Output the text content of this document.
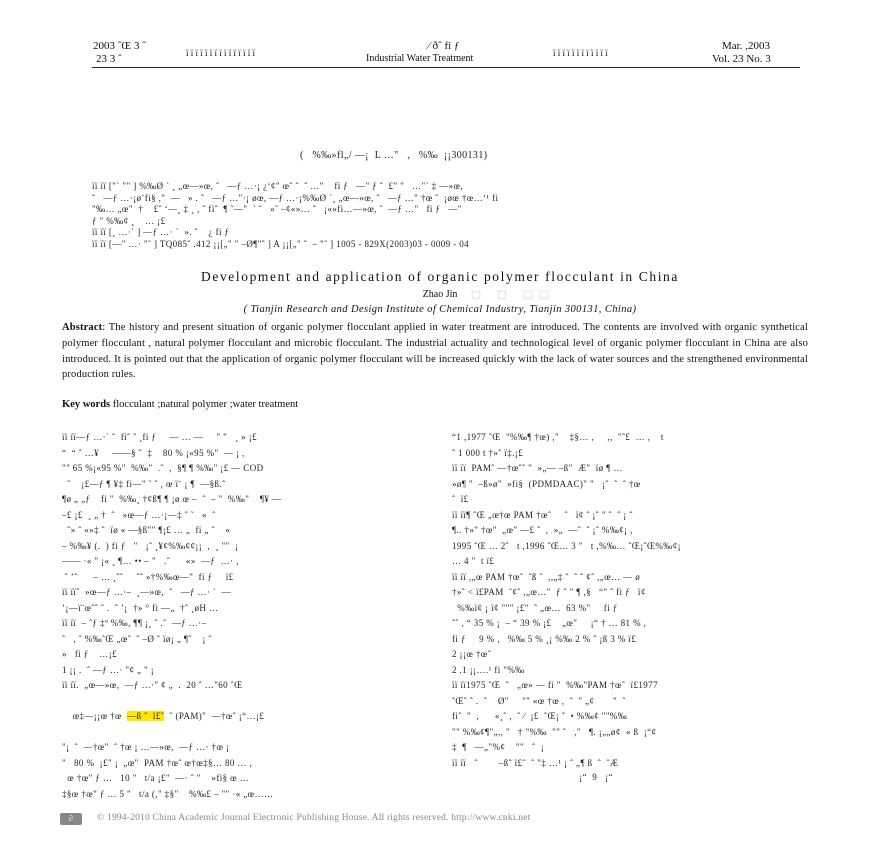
2003 ˆŒ 3 ˆ
23 3 ˆ	ï ï ï ï ï ï ï ï ï ï ï ï ï ï ï
⁄ ðˆ fi ƒ
Industrial Water Treatment	ï ï ï ï ï ï ï ï ï ï ï ï
Mar. ,2003
Vol. 23 No. 3
(   %‰»fl„/ —¡  L …"   ,   %‰  ¡¡300131)
ïï ïï ["` "" ] %‰Ø ` ¸ „œ—»œ, ˆ   —ƒ …·¡ ¿‘¢" œˆ ˆ  ˆ …"    fi ƒ   —" ƒ ˆ  £" "   …"` ‡ —»œ,
ˆ   —ƒ …·¡ø¨fi§ ,"  —   » . ˆ   —ƒ …"·¡ øœ, —ƒ …·¡%‰Ø `¸ „œ—»œ, ˆ   —ƒ …" †œ ˆ  ¡øœ †œ…‘¹ fi
"‰… „œ"  †    £ˆ ‘—¸ ‡ ¸ , ˆ fiˆ  ¶ ˜—"  ` ˆ   »˜ –¢«»… ˆ   ¡«»fi…—»œ, ˆ  —ƒ …"   fi ƒ   —"
ƒ " %‰¢ ¸    … ¡£
ïï ïï [¸ …·` ] —ƒ …· `  ». ˆ    ¿ fi ƒ
ïï ïï [—" …· "˜ ] TQ085ˆ .412 ¡¡[„" " –Ø¶"ˆ ] A ¡¡[„" ˆ  – "˜ ] 1005 - 829X(2003)03 - 0009 - 04
Development and application of organic polymer flocculant in China
Zhao Jin
( Tianjin Research and Design Institute of Chemical Industry, Tianjin 300131, China)
¤ ¤ ¤¤
Abstract: The history and present situation of organic polymer flocculant applied in water treatment are introduced. The contents are involved with organic synthetical polymer flocculant , natural polymer flocculant and microbic flocculant. The industrial actuality and technological level of organic polymer flocculant in China are also introduced. It is pointed out that the application of organic polymer flocculant will be increased quickly with the lack of water sources and the strengthened environmental production rules.
Key words flocculant ;natural polymer ;water treatment
ïï ïï—ƒ …·` ˆ  fiˆ ˆ ¸fi ƒ     — … —     " "   ¸ » ¡£
“  “ ˆ …¥     ——§ ˆ  ‡    80 % ¡«95 %"  — ¡ ,
"" 65 %¡«95 %"  %‰"  .ˆ  ,  §¶ ¶ %‰" ¡£ — COD
ˆ    ¡£—ƒ ¶ ¥‡ fi—" ˜ ˆ , œ ï¨ ¡ ¶  —§ß.ˆ
¶ø „ „ƒ    fi "  %‰¸ †¢ß¶ ¶ ¡ø œ –  ˆ  – "  %‰"    ¶¥ —
–£ ¡£  ¸ „ †  ˆ   »œ—ƒ …·¡—‡ ˆ ˜   «  ˆ
ˆ» ˆ «»‡ ˆ  ïø « —§ß"" ¶¡£ … „  fi „ ˆ    «
– %‰¥ (.  ) fi ƒ   "   ¡ˆ ¸¥¢%‰¢¢¡¡  ,  ¸ ""  ¡
—— ·« " ¡« ¸ ¶… •• – "   .ˆ      «»  —ƒ  …· ,
ˆ ’ˆ      – … ¸ˆˆ     ˆˆ »†%‰œ—"  fi ƒ     ï£
ïï ïïˆ  »œ—ƒ …·–  ¸—»œ,  ˆ   —ƒ …· `  —
’¡—ï¨œˆˆ ˆ .  ˆ ’¡  †» ° fi —„  †ˆ ¸øH …
ïï ïï  – ˆƒ ‡º %‰, ¶¶ ¡¸ ˆ .ˆ  —ƒ …·–
ˆ   , ˆ %‰ˆŒ „œˆ  ˆ –Ø ˆ ïø¡ „ ¶ˆ    ¡ ˆ
»   fi ƒ    …¡£
1 ¡¡ .  ˆ —ƒ …· "¢ „ " ¡
ïï ïï.  „œ—»œ,  —ƒ …·" ¢ „  .  20 ˆ …"60 ˆŒ

œ‡—¡¡œ †œ  —ß ˆ  ï£ˆ  ˆ (PAM)"  —†œˆ ¡“…¡£

"¡  ˆ  —†œ"  ˆ †œ ¡ …—»œ,  —ƒ …· †œ ¡
"   80 %  ¡£" ¡  „œ"  PAM †œˆ œ†œ‡§… 80 … ,
œ †œ" ƒ …   10 "   t/a ¡£"  —· ˆ "    »fi§ œ …
‡§œ †œ" ƒ … 5 "   t/a (," ‡§"    %‰£ – "" ·« „œ……
“1 ,1977 ˆŒ  "%‰¶ †œ) ,"    ‡§… ,     ,,  "ˆ£  … ,    t
ˆ 1 000 t †»ˆ ï‡.¡£
ïï ïï  PAMˆ —†œˆˆ "  »„— –ß"  Æ"  ïø ¶ …
»ø¶ "  –ß»ø"  »fi§  (PDMDAAC)" "   ¡ˆ  ˆ  ˆ †œ
ˆ  ï£
ïï ïï¶ ˆŒ „œ†œ PAM †œˆ     ˆ   ï¢ ˆ ¡ˆ " ˆ  ˆ ¡ ˆ
¶.. †»" †œ"  „œ" —£ ˆ  ,  »„  —ˆ  ˆ ¡ˆ %‰¢¡ ,
1995 ˆŒ … 2ˆ   t ,1996 ˆŒ… 3 "   t ,%‰… ˆŒ¡ˆŒ%‰¢¡
… 4 "  t ï£
ïï ïï ,„œ PAM †œˆ  ˆß ˆ  ,,„‡ ˆ  ˆ ˆ ¢ˆ ,„œ… — ø
†»ˆ < ï£PAM  ˆ¢ˆ ,„œ…"  ƒ ˆ " ¶ ,§   “" ˆ fi ƒ   ï¢
%‰ï¢ ¡ ï¢ """ ¡£"  ˆ „œ…  63 %"     fi ƒ
ˆˆ , “ 35 % ¡  – “ 39 % ¡£    „œ"     ¡“ † … 81 % ,
fi ƒ     9 % ,   %‰ 5 % ¸¡ %‰ 2 % ˆ ¡ß 3 % ï£
2 ¡¡œ †œˆ
2 .1 ¡¡….¹ fi "%‰
ïï ïï1975 ˆŒ  ˆ   „œ» — fi "  %‰"PAM †œˆ  ï£1977
ˆŒˆ ˆ .  ˆ    Ø"     "" «œ †œ ,  ˆ  " „¢       "  ˆ
fiˆ  "  ,      «¸ˆ ,  ˆ ⁄  ¡£  ˆŒ¡ ˆ  • %‰¢ ""%‰
"" %‰¢¶"„,, "   † "%‰  "" ˆ   ,"   ¶. ¡„„ø¢  « ß  ¡“¢
‡  ¶   —„"%¢    ""   ˆ  ¡
ïï ïï   ˆ        –ßˆ ï£ˆ  ˆ "‡ …¹ ¡ ˆ „¶ ß  ˆ  ˆÆ
¡“  9   ¡“
∂	© 1994-2010 China Academic Journal Electronic Publishing House. All rights reserved. http://www.cnki.net
